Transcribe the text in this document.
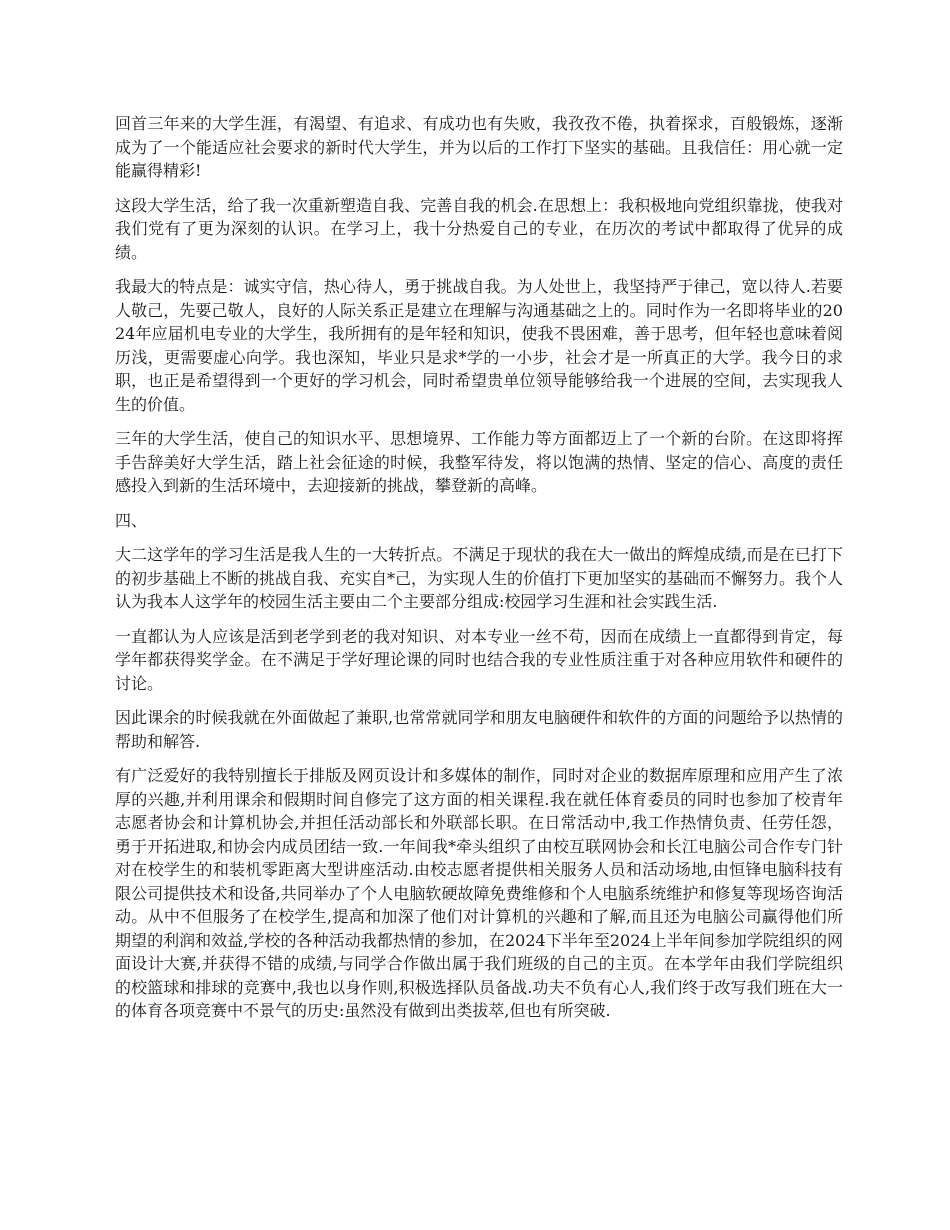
回首三年来的大学生涯，有渴望、有追求、有成功也有失败，我孜孜不倦，执着探求，百般锻炼，逐渐成为了一个能适应社会要求的新时代大学生，并为以后的工作打下坚实的基础。且我信任：用心就一定能赢得精彩!

这段大学生活，给了我一次重新塑造自我、完善自我的机会.在思想上：我积极地向党组织靠拢，使我对我们党有了更为深刻的认识。在学习上，我十分热爱自己的专业，在历次的考试中都取得了优异的成绩。

我最大的特点是：诚实守信，热心待人，勇于挑战自我。为人处世上，我坚持严于律己，宽以待人.若要人敬己，先要己敬人，良好的人际关系正是建立在理解与沟通基础之上的。同时作为一名即将毕业的2024年应届机电专业的大学生，我所拥有的是年轻和知识，使我不畏困难，善于思考，但年轻也意味着阅历浅，更需要虚心向学。我也深知，毕业只是求*学的一小步，社会才是一所真正的大学。我今日的求职，也正是希望得到一个更好的学习机会，同时希望贵单位领导能够给我一个进展的空间，去实现我人生的价值。

三年的大学生活，使自己的知识水平、思想境界、工作能力等方面都迈上了一个新的台阶。在这即将挥手告辞美好大学生活，踏上社会征途的时候，我整军待发，将以饱满的热情、坚定的信心、高度的责任感投入到新的生活环境中，去迎接新的挑战，攀登新的高峰。

四、

大二这学年的学习生活是我人生的一大转折点。不满足于现状的我在大一做出的辉煌成绩,而是在已打下的初步基础上不断的挑战自我、充实自*己，为实现人生的价值打下更加坚实的基础而不懈努力。我个人认为我本人这学年的校园生活主要由二个主要部分组成:校园学习生涯和社会实践生活.

一直都认为人应该是活到老学到老的我对知识、对本专业一丝不苟，因而在成绩上一直都得到肯定，每学年都获得奖学金。在不满足于学好理论课的同时也结合我的专业性质注重于对各种应用软件和硬件的讨论。

因此课余的时候我就在外面做起了兼职,也常常就同学和朋友电脑硬件和软件的方面的问题给予以热情的帮助和解答.

有广泛爱好的我特别擅长于排版及网页设计和多媒体的制作，同时对企业的数据库原理和应用产生了浓厚的兴趣,并利用课余和假期时间自修完了这方面的相关课程.我在就任体育委员的同时也参加了校青年志愿者协会和计算机协会,并担任活动部长和外联部长职。在日常活动中,我工作热情负责、任劳任怨，勇于开拓进取,和协会内成员团结一致.一年间我*牵头组织了由校互联网协会和长江电脑公司合作专门针对在校学生的和装机零距离大型讲座活动.由校志愿者提供相关服务人员和活动场地,由恒锋电脑科技有限公司提供技术和设备,共同举办了个人电脑软硬故障免费维修和个人电脑系统维护和修复等现场咨询活动。从中不但服务了在校学生,提高和加深了他们对计算机的兴趣和了解,而且还为电脑公司赢得他们所期望的利润和效益,学校的各种活动我都热情的参加，在2024下半年至2024上半年间参加学院组织的网面设计大赛,并获得不错的成绩,与同学合作做出属于我们班级的自己的主页。在本学年由我们学院组织的校篮球和排球的竞赛中,我也以身作则,积极选择队员备战.功夫不负有心人,我们终于改写我们班在大一的体育各项竞赛中不景气的历史:虽然没有做到出类拔萃,但也有所突破.
